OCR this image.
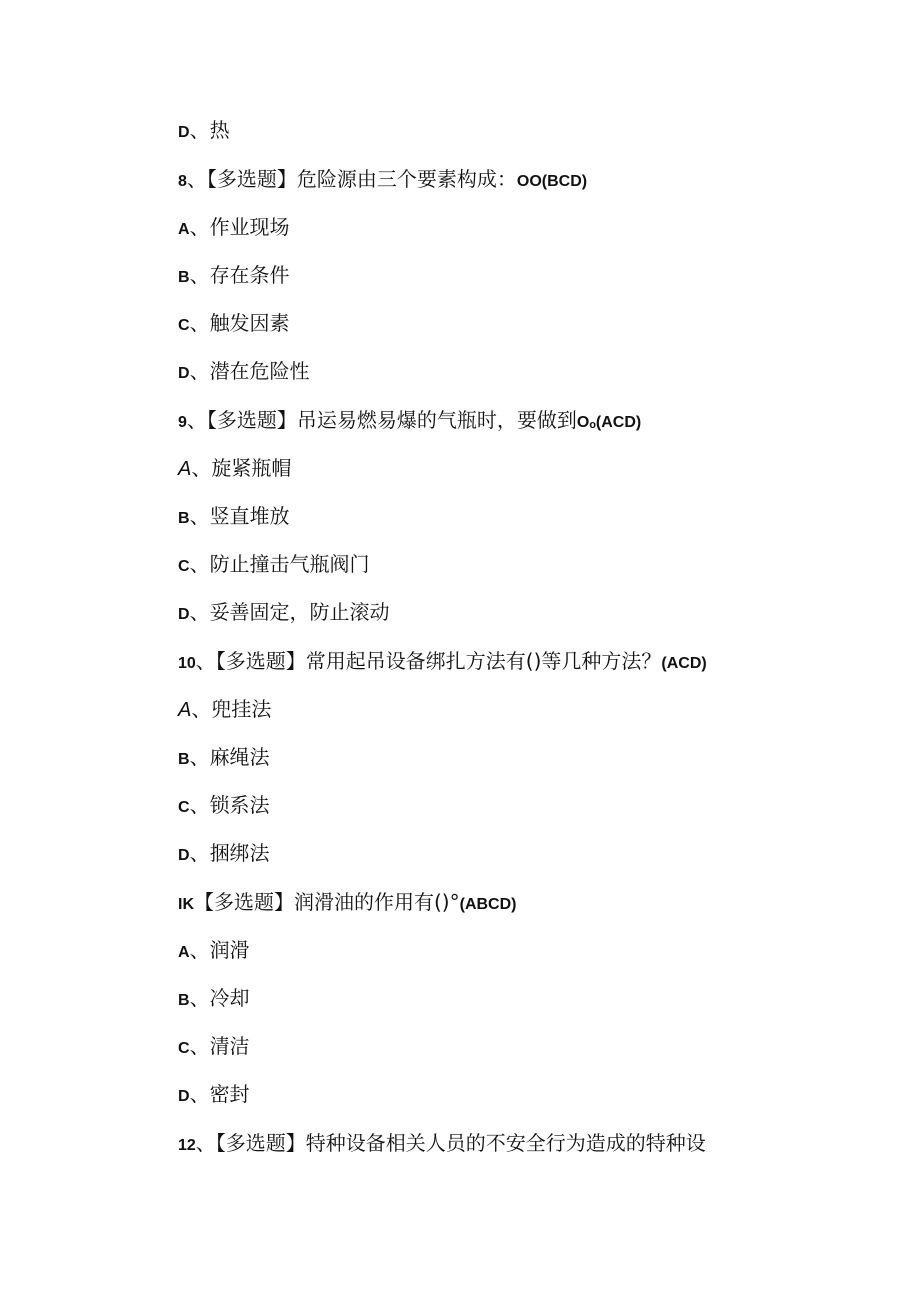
D、热
8、【多选题】危险源由三个要素构成：OO(BCD)
A、作业现场
B、存在条件
C、触发因素
D、潜在危险性
9、【多选题】吊运易燃易爆的气瓶时，要做到Oₒ(ACD)
A、旋紧瓶帽
B、竖直堆放
C、防止撞击气瓶阀门
D、妥善固定，防止滚动
10、【多选题】常用起吊设备绑扎方法有()等几种方法？(ACD)
A、兜挂法
B、麻绳法
C、锁系法
D、捆绑法
IK【多选题】润滑油的作用有()°(ABCD)
A、润滑
B、冷却
C、清洁
D、密封
12、【多选题】特种设备相关人员的不安全行为造成的特种设
